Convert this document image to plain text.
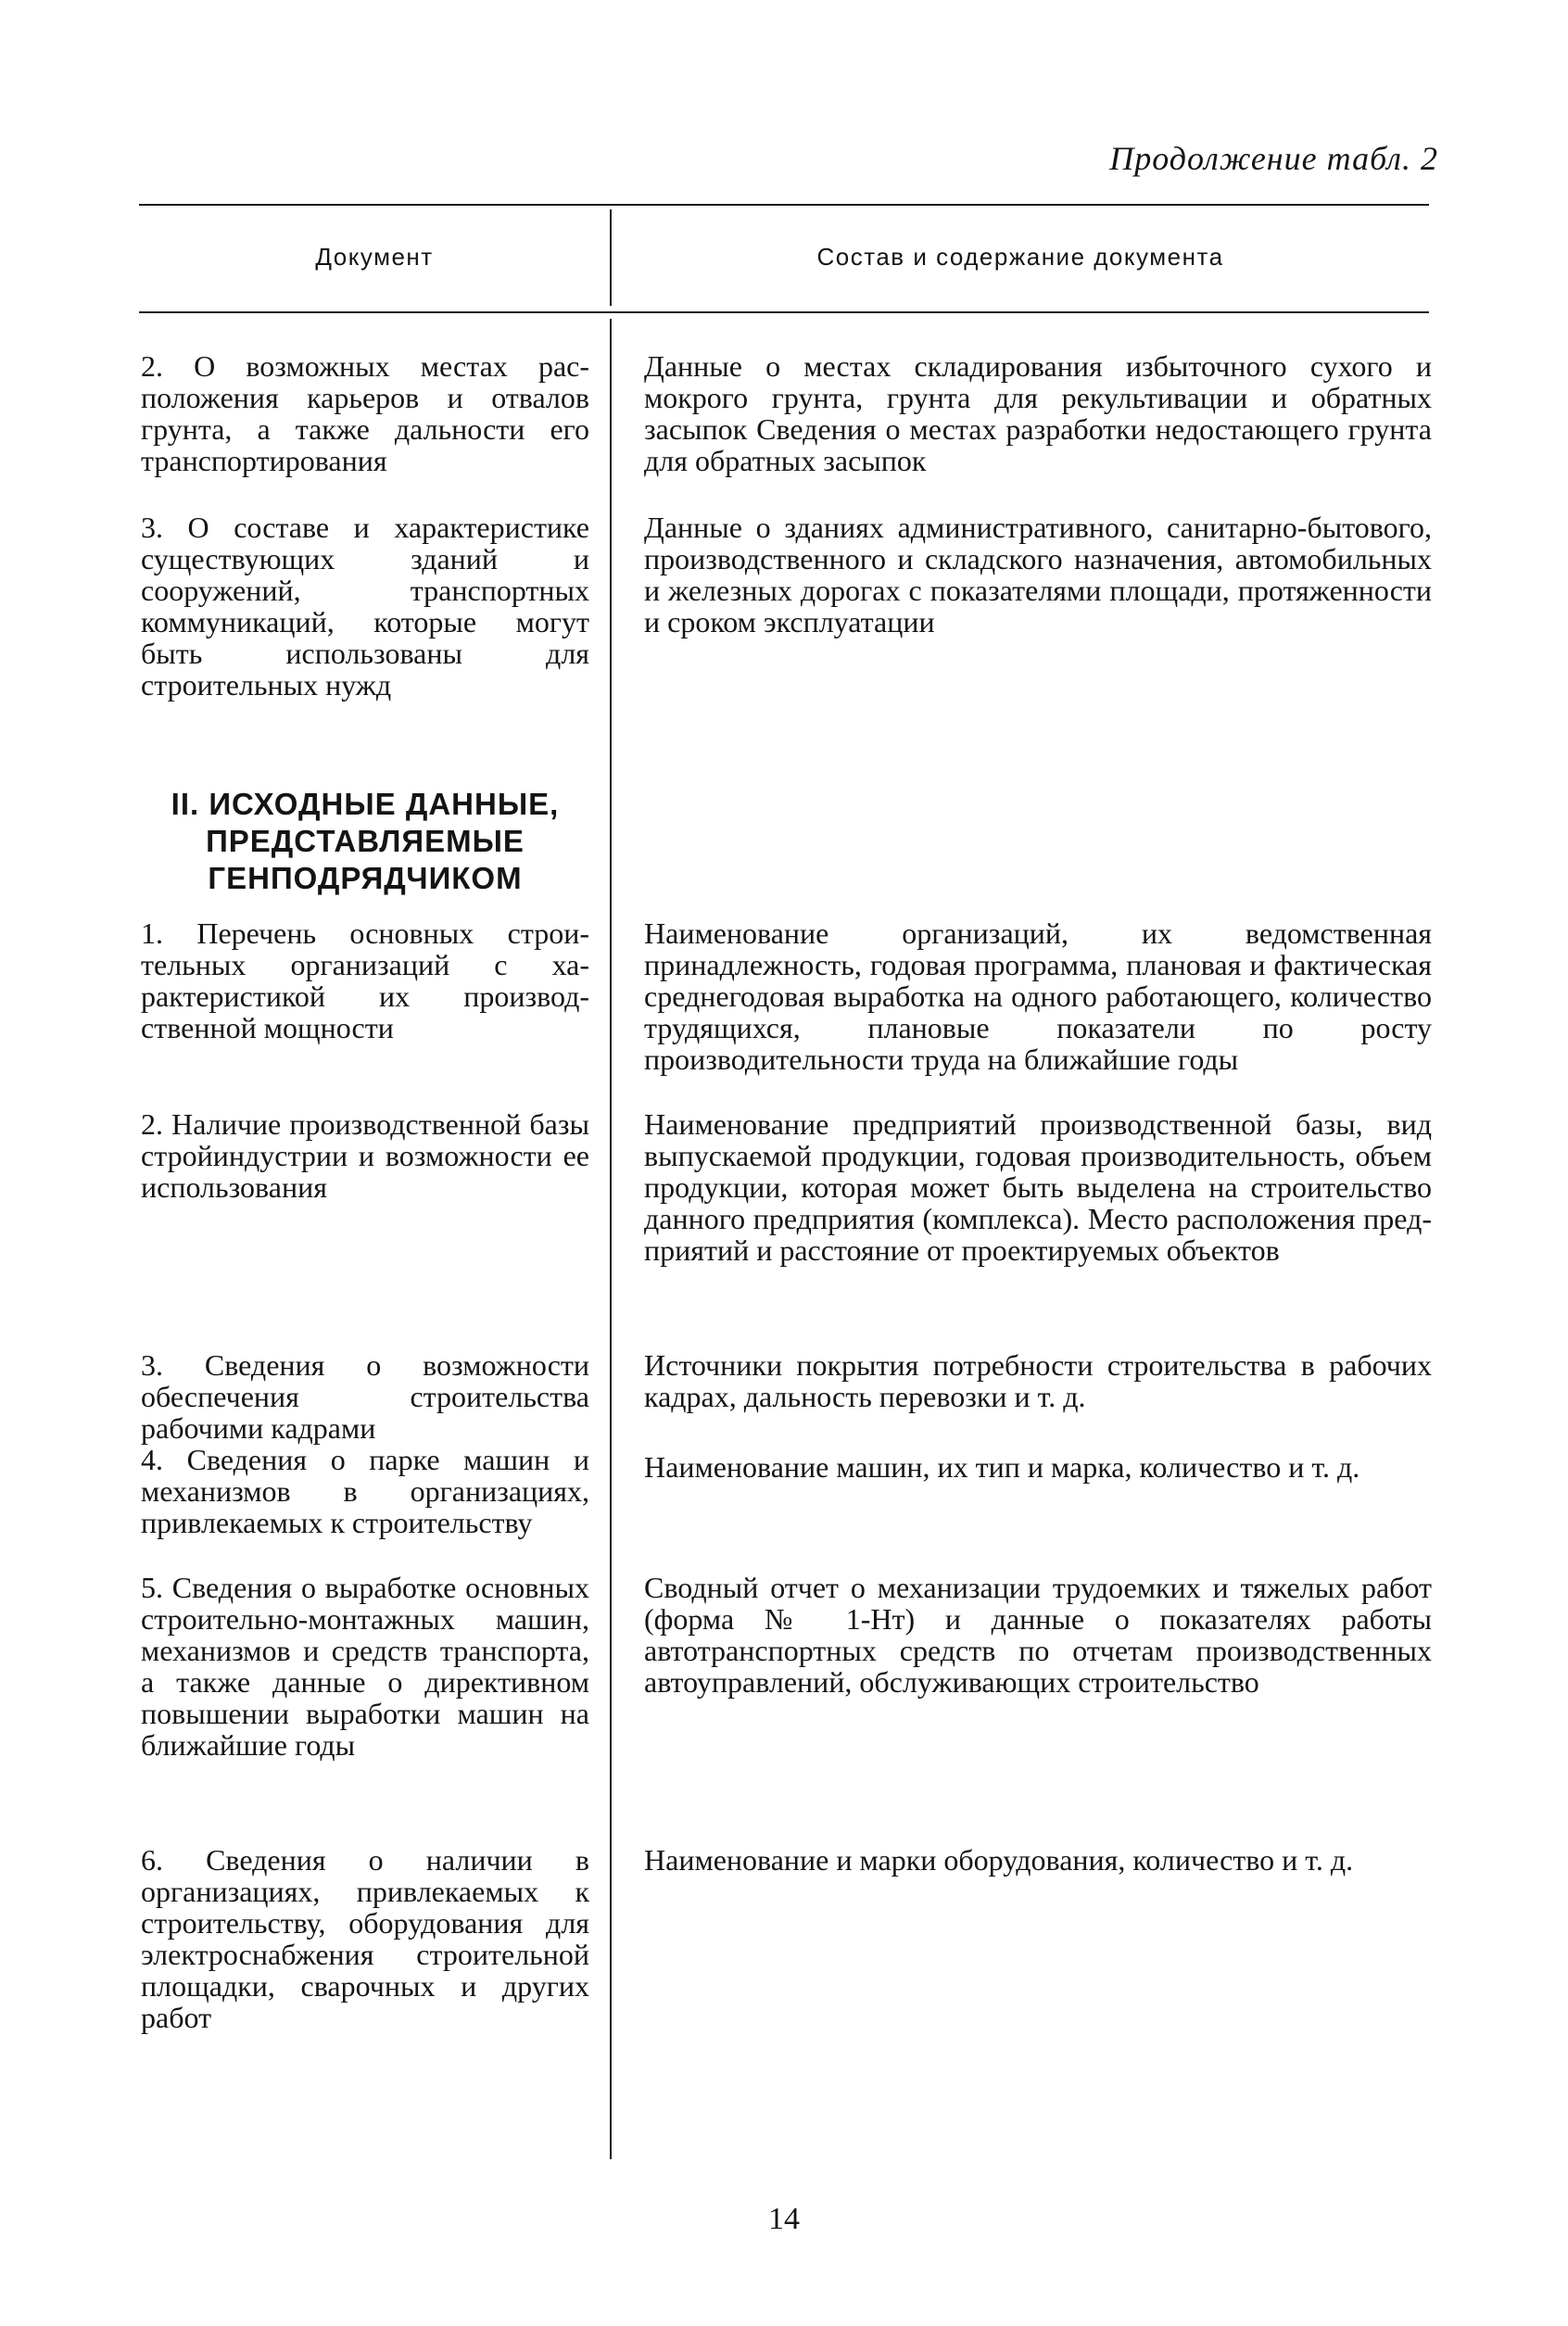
Продолжение табл. 2
Документ	Состав и содержание документа
2. О возможных местах расположения карьеров и отвалов грунта, а также дальности его транспортирования
Данные о местах складирования избыточного сухого и мокрого грунта, грунта для рекультивации и обратных засыпок Сведения о местах разработки недостающего грунта для обратных засыпок
3. О составе и характеристике существующих зданий и сооружений, транспортных коммуникаций, которые могут быть использованы для строительных нужд
Данные о зданиях административного, санитарно-бытового, производственного и складского назначения, автомобильных и железных дорогах с показателями площади, протяженности и сроком эксплуатации
II. ИСХОДНЫЕ ДАННЫЕ, ПРЕДСТАВЛЯЕМЫЕ ГЕНПОДРЯДЧИКОМ
1. Перечень основных строительных организаций с характеристикой их производственной мощности
Наименование организаций, их ведомственная принадлежность, годовая программа, плановая и фактическая среднегодовая выработка на одного работающего, количество трудящихся, плановые показатели по росту производительности труда на ближайшие годы
2. Наличие производственной базы стройиндустрии и возможности ее использования
Наименование предприятий производственной базы, вид выпускаемой продукции, годовая производительность, объем продукции, которая может быть выделена на строительство данного предприятия (комплекса). Место расположения предприятий и расстояние от проектируемых объектов
3. Сведения о возможности обеспечения строительства рабочими кадрами
Источники покрытия потребности строительства в рабочих кадрах, дальность перевозки и т. д.
4. Сведения о парке машин и механизмов в организациях, привлекаемых к строительству
Наименование машин, их тип и марка, количество и т. д.
5. Сведения о выработке основных строительно-монтажных машин, механизмов и средств транспорта, а также данные о директивном повышении выработки машин на ближайшие годы
Сводный отчет о механизации трудоемких и тяжелых работ (форма № 1-Нт) и данные о показателях работы автотранспортных средств по отчетам производственных автоуправлений, обслуживающих строительство
6. Сведения о наличии в организациях, привлекаемых к строительству, оборудования для электроснабжения строительной площадки, сварочных и других работ
Наименование и марки оборудования, количество и т. д.
14
